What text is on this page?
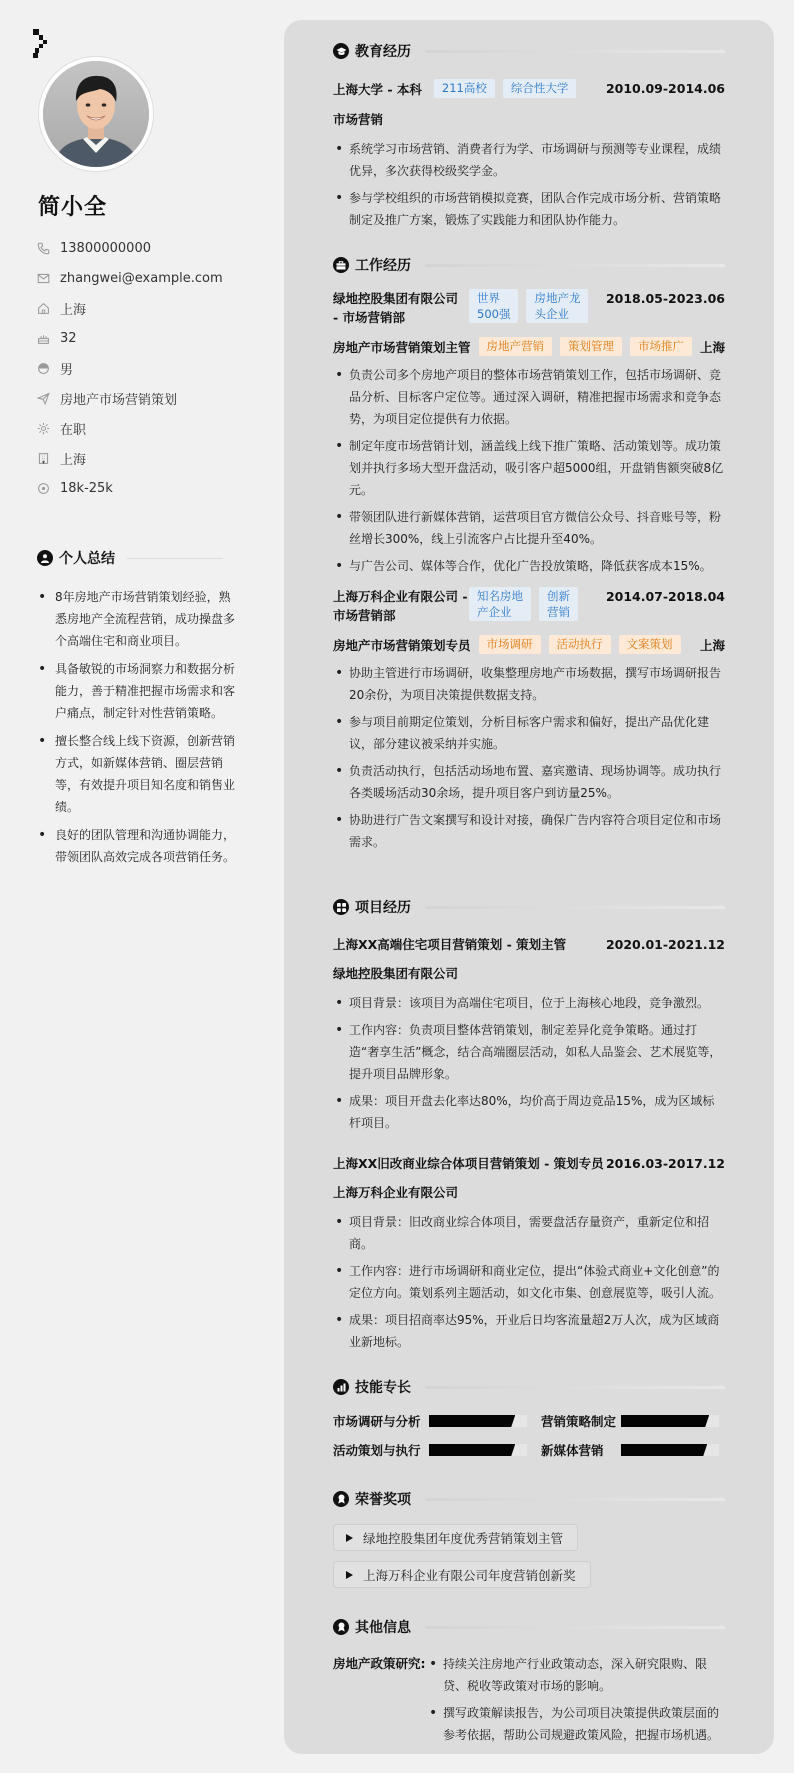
简小全
13800000000
zhangwei@example.com
上海
32
男
房地产市场营销策划
在职
上海
18k-25k
个人总结
• 8年房地产市场营销策划经验，熟悉房地产全流程营销，成功操盘多个高端住宅和商业项目。
• 具备敏锐的市场洞察力和数据分析能力，善于精准把握市场需求和客户痛点，制定针对性营销策略。
• 擅长整合线上线下资源，创新营销方式，如新媒体营销、圈层营销等，有效提升项目知名度和销售业绩。
• 良好的团队管理和沟通协调能力，带领团队高效完成各项营销任务。
教育经历
上海大学 - 本科	211高校	综合性大学	2010.09-2014.06
市场营销
• 系统学习市场营销、消费者行为学、市场调研与预测等专业课程，成绩优异，多次获得校级奖学金。
• 参与学校组织的市场营销模拟竞赛，团队合作完成市场分析、营销策略制定及推广方案，锻炼了实践能力和团队协作能力。
工作经历
绿地控股集团有限公司
- 市场营销部
世界
500强
房地产龙
头企业
2018.05-2023.06
房地产市场营销策划主管	房地产营销	策划管理	市场推广	上海
• 负责公司多个房地产项目的整体市场营销策划工作，包括市场调研、竞品分析、目标客户定位等。通过深入调研，精准把握市场需求和竞争态势，为项目定位提供有力依据。
• 制定年度市场营销计划，涵盖线上线下推广策略、活动策划等。成功策划并执行多场大型开盘活动，吸引客户超5000组，开盘销售额突破8亿元。
• 带领团队进行新媒体营销，运营项目官方微信公众号、抖音账号等，粉丝增长300%，线上引流客户占比提升至40%。
• 与广告公司、媒体等合作，优化广告投放策略，降低获客成本15%。
上海万科企业有限公司 -
市场营销部
知名房地
产企业
创新
营销
2014.07-2018.04
房地产市场营销策划专员	市场调研	活动执行	文案策划	上海
• 协助主管进行市场调研，收集整理房地产市场数据，撰写市场调研报告20余份，为项目决策提供数据支持。
• 参与项目前期定位策划，分析目标客户需求和偏好，提出产品优化建议，部分建议被采纳并实施。
• 负责活动执行，包括活动场地布置、嘉宾邀请、现场协调等。成功执行各类暖场活动30余场，提升项目客户到访量25%。
• 协助进行广告文案撰写和设计对接，确保广告内容符合项目定位和市场需求。
项目经历
上海XX高端住宅项目营销策划 - 策划主管	2020.01-2021.12
绿地控股集团有限公司
• 项目背景：该项目为高端住宅项目，位于上海核心地段，竞争激烈。
• 工作内容：负责项目整体营销策划，制定差异化竞争策略。通过打造“奢享生活”概念，结合高端圈层活动，如私人品鉴会、艺术展览等，提升项目品牌形象。
• 成果：项目开盘去化率达80%，均价高于周边竞品15%，成为区域标杆项目。
上海XX旧改商业综合体项目营销策划 - 策划专员 2016.03-2017.12
上海万科企业有限公司
• 项目背景：旧改商业综合体项目，需要盘活存量资产，重新定位和招商。
• 工作内容：进行市场调研和商业定位，提出“体验式商业+文化创意”的定位方向。策划系列主题活动，如文化市集、创意展览等，吸引人流。
• 成果：项目招商率达95%，开业后日均客流量超2万人次，成为区域商业新地标。
技能专长
市场调研与分析	营销策略制定
活动策划与执行	新媒体营销
荣誉奖项
绿地控股集团年度优秀营销策划主管
上海万科企业有限公司年度营销创新奖
其他信息
房地产政策研究:
•	持续关注房地产行业政策动态，深入研究限购、限贷、税收等政策对市场的影响。
• 撰写政策解读报告，为公司项目决策提供政策层面的参考依据，帮助公司规避政策风险，把握市场机遇。
